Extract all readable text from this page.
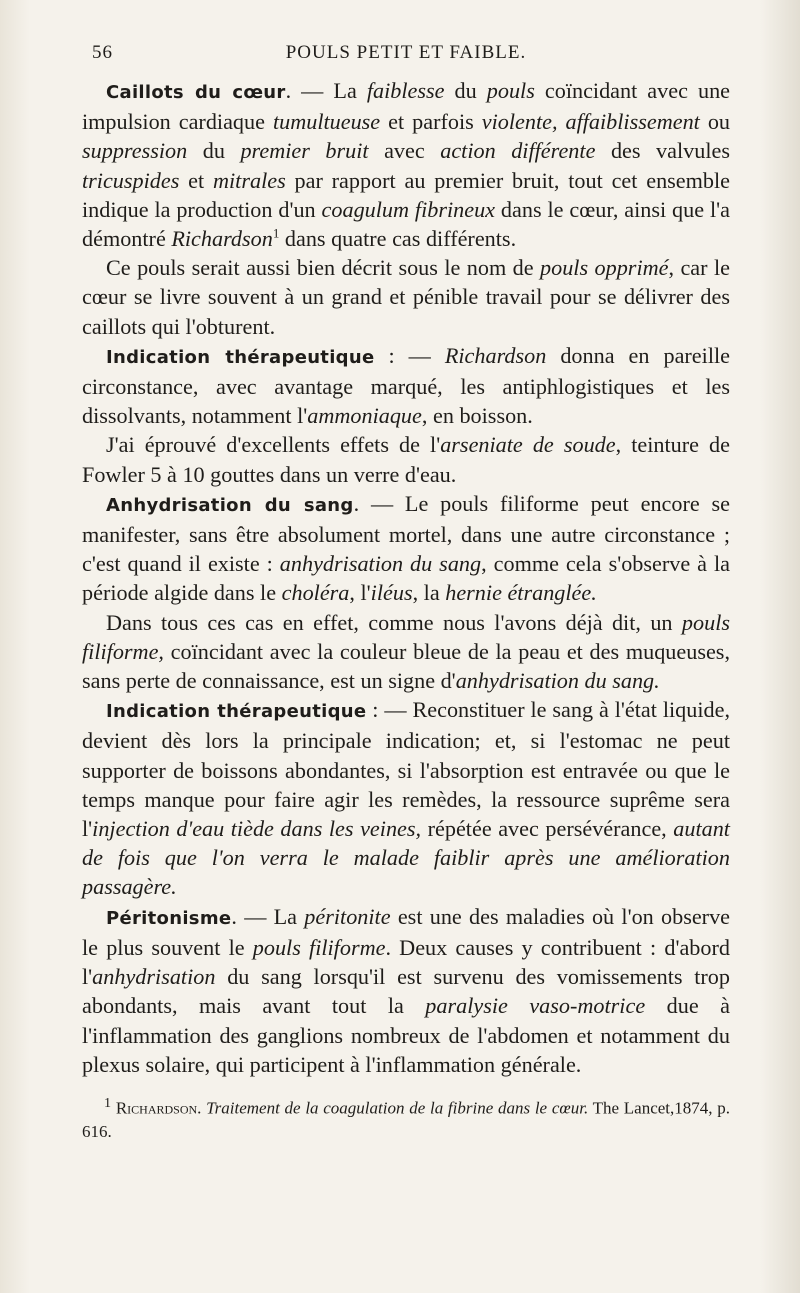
56	POULS PETIT ET FAIBLE.

Caillots du cœur. — La faiblesse du pouls coïncidant avec une impulsion cardiaque tumultueuse et parfois violente, affaiblissement ou suppression du premier bruit avec action différente des valvules tricuspides et mitrales par rapport au premier bruit, tout cet ensemble indique la production d'un coagulum fibrineux dans le cœur, ainsi que l'a démontré Richardson$^1$ dans quatre cas différents.

Ce pouls serait aussi bien décrit sous le nom de pouls opprimé, car le cœur se livre souvent à un grand et pénible travail pour se délivrer des caillots qui l'obturent.

Indication thérapeutique : — Richardson donna en pareille circonstance, avec avantage marqué, les antiphlogistiques et les dissolvants, notamment l'ammoniaque, en boisson.

J'ai éprouvé d'excellents effets de l'arseniate de soude, teinture de Fowler 5 à 10 gouttes dans un verre d'eau.

Anhydrisation du sang. — Le pouls filiforme peut encore se manifester, sans être absolument mortel, dans une autre circonstance ; c'est quand il existe : anhydrisation du sang, comme cela s'observe à la période algide dans le choléra, l'iléus, la hernie étranglée.

Dans tous ces cas en effet, comme nous l'avons déjà dit, un pouls filiforme, coïncidant avec la couleur bleue de la peau et des muqueuses, sans perte de connaissance, est un signe d'anhydrisation du sang.

Indication thérapeutique : — Reconstituer le sang à l'état liquide, devient dès lors la principale indication; et, si l'estomac ne peut supporter de boissons abondantes, si l'absorption est entravée ou que le temps manque pour faire agir les remèdes, la ressource suprême sera l'injection d'eau tiède dans les veines, répétée avec persévérance, autant de fois que l'on verra le malade faiblir après une amélioration passagère.

Péritonisme. — La péritonite est une des maladies où l'on observe le plus souvent le pouls filiforme. Deux causes y contribuent : d'abord l'anhydrisation du sang lorsqu'il est survenu des vomissements trop abondants, mais avant tout la paralysie vaso-motrice due à l'inflammation des ganglions nombreux de l'abdomen et notamment du plexus solaire, qui participent à l'inflammation générale.

$^1$ Richardson. Traitement de la coagulation de la fibrine dans le cœur. The Lancet,1874, p. 616.
